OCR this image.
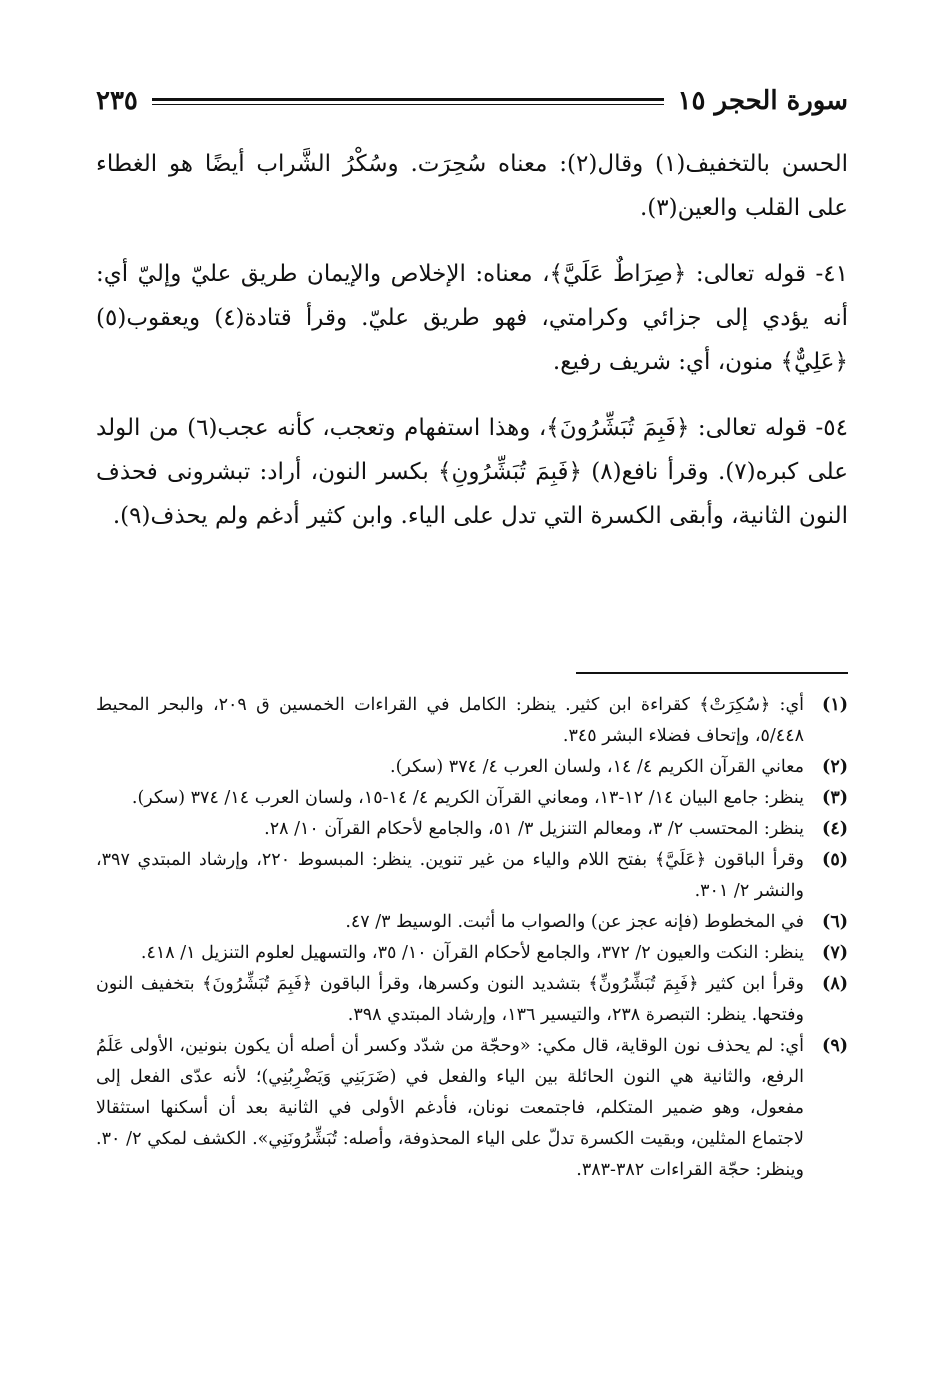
سورة الحجر ١٥
٢٣٥

الحسن بالتخفيف(١) وقال(٢): معناه سُحِرَت. وسُكْرُ الشَّراب أيضًا هو الغطاء على القلب والعين(٣).

٤١- قوله تعالى: ﴿صِرَاطٌ عَلَيَّ﴾، معناه: الإخلاص والإيمان طريق عليّ وإليّ أي: أنه يؤدي إلى جزائي وكرامتي، فهو طريق عليّ. وقرأ قتادة(٤) ويعقوب(٥) ﴿عَلِيٌّ﴾ منون، أي: شريف رفيع.

٥٤- قوله تعالى: ﴿فَبِمَ تُبَشِّرُونَ﴾، وهذا استفهام وتعجب، كأنه عجب(٦) من الولد على كبره(٧). وقرأ نافع(٨) ﴿فَبِمَ تُبَشِّرُونِ﴾ بكسر النون، أراد: تبشرونى فحذف النون الثانية، وأبقى الكسرة التي تدل على الياء. وابن كثير أدغم ولم يحذف(٩).

(١)
أي: ﴿سُكِرَتْ﴾ كقراءة ابن كثير. ينظر: الكامل في القراءات الخمسين ق ٢٠٩، والبحر المحيط ٥/٤٤٨، وإتحاف فضلاء البشر ٣٤٥.
(٢)
معاني القرآن الكريم ٤/ ١٤، ولسان العرب ٤/ ٣٧٤ (سكر).
(٣)
ينظر: جامع البيان ١٤/ ١٢-١٣، ومعاني القرآن الكريم ٤/ ١٤-١٥، ولسان العرب ١٤/ ٣٧٤ (سكر).
(٤)
ينظر: المحتسب ٢/ ٣، ومعالم التنزيل ٣/ ٥١، والجامع لأحكام القرآن ١٠/ ٢٨.
(٥)
وقرأ الباقون ﴿عَلَيَّ﴾ بفتح اللام والياء من غير تنوين. ينظر: المبسوط ٢٢٠، وإرشاد المبتدي ٣٩٧، والنشر ٢/ ٣٠١.
(٦)
في المخطوط (فإنه عجز عن) والصواب ما أثبت. الوسيط ٣/ ٤٧.
(٧)
ينظر: النكت والعيون ٢/ ٣٧٢، والجامع لأحكام القرآن ١٠/ ٣٥، والتسهيل لعلوم التنزيل ١/ ٤١٨.
(٨)
وقرأ ابن كثير ﴿فَبِمَ تُبَشِّرُونِّ﴾ بتشديد النون وكسرها، وقرأ الباقون ﴿فَبِمَ تُبَشِّرُونَ﴾ بتخفيف النون وفتحها. ينظر: التبصرة ٢٣٨، والتيسير ١٣٦، وإرشاد المبتدي ٣٩٨.
(٩)
أي: لم يحذف نون الوقاية، قال مكي: «وحجّة من شدّد وكسر أن أصله أن يكون بنونين، الأولى عَلَمُ الرفع، والثانية هي النون الحائلة بين الياء والفعل في (ضَرَبَنِي وَيَضْرِبُنِي)؛ لأنه عدّى الفعل إلى مفعول، وهو ضمير المتكلم، فاجتمعت نونان، فأدغم الأولى في الثانية بعد أن أسكنها استثقالا لاجتماع المثلين، وبقيت الكسرة تدلّ على الياء المحذوفة، وأصله: تُبَشِّرُونَنِي». الكشف لمكي ٢/ ٣٠. وينظر: حجّة القراءات ٣٨٢-٣٨٣.
